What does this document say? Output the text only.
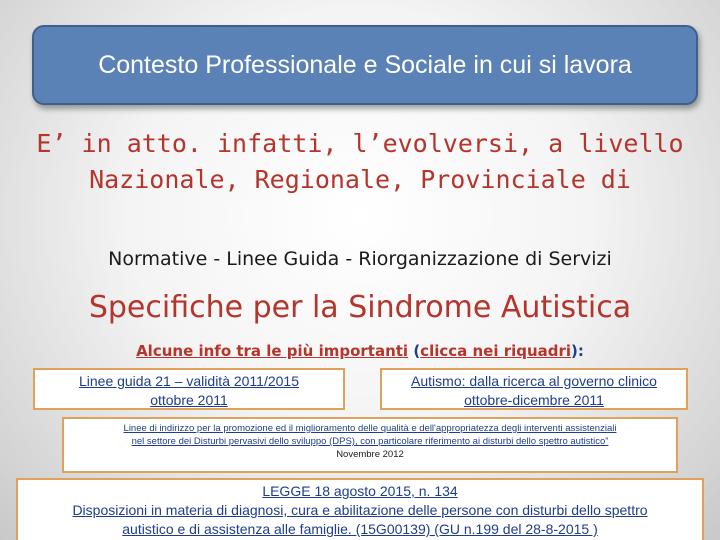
Contesto Professionale e Sociale in cui si lavora
E’ in atto. infatti, l’evolversi, a livello
Nazionale, Regionale, Provinciale di
Normative - Linee Guida - Riorganizzazione di Servizi
Specifiche per la Sindrome Autistica
Alcune info tra le più importanti (clicca nei riquadri):
Linee guida 21 – validità 2011/2015
ottobre 2011
Autismo: dalla ricerca al governo clinico
ottobre-dicembre 2011
Linee di indirizzo per la promozione ed il miglioramento delle qualità e dell'appropriatezza degli interventi assistenziali
nel settore dei Disturbi pervasivi dello sviluppo (DPS), con particolare riferimento ai disturbi dello spettro autistico”
Novembre 2012
LEGGE 18 agosto 2015, n. 134
Disposizioni in materia di diagnosi, cura e abilitazione delle persone con disturbi dello spettro
autistico e di assistenza alle famiglie. (15G00139) (GU n.199 del 28-8-2015 )
